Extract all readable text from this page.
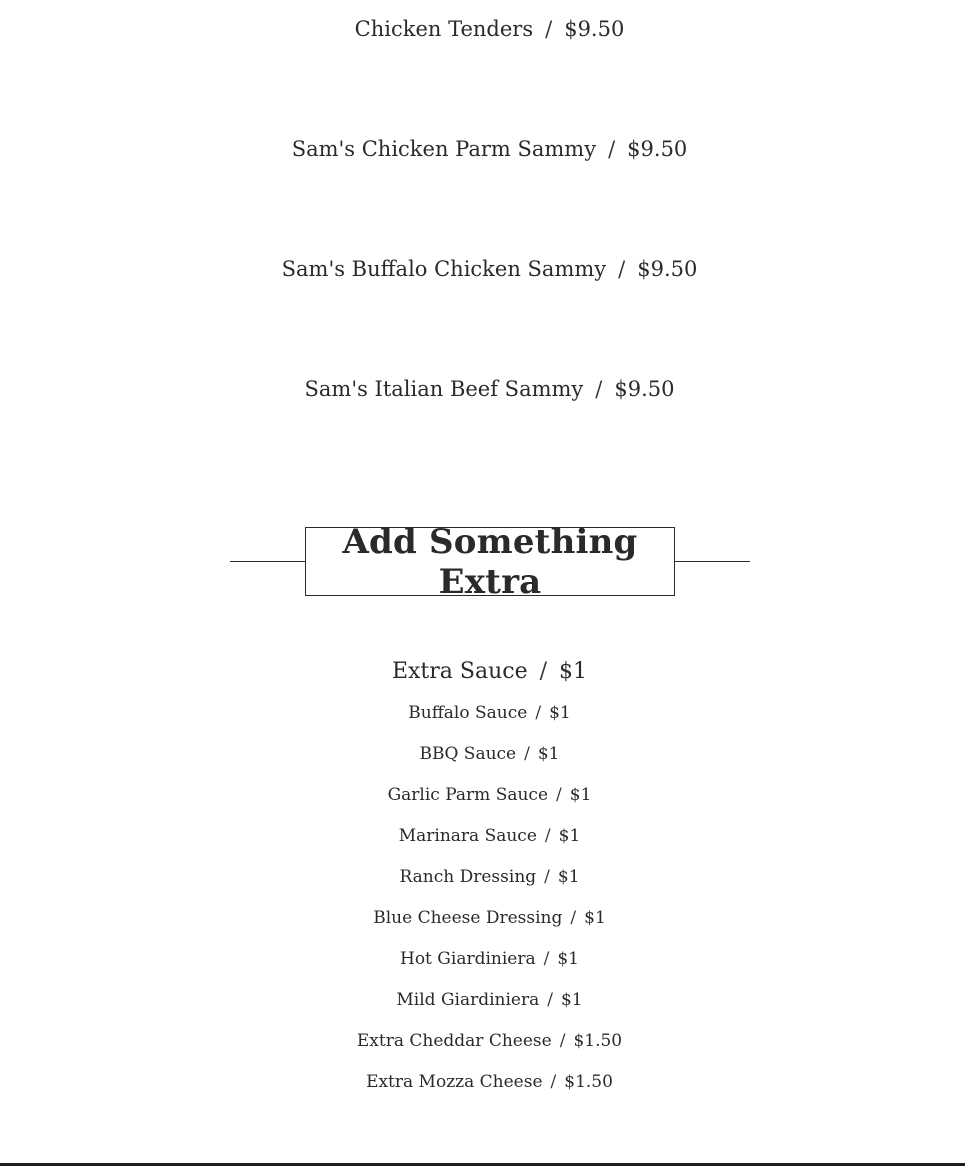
Chicken Tenders / $9.50
Sam's Chicken Parm Sammy / $9.50
Sam's Buffalo Chicken Sammy / $9.50
Sam's Italian Beef Sammy / $9.50
Add Something Extra
Extra Sauce / $1
Buffalo Sauce / $1
BBQ Sauce / $1
Garlic Parm Sauce / $1
Marinara Sauce / $1
Ranch Dressing / $1
Blue Cheese Dressing / $1
Hot Giardiniera / $1
Mild Giardiniera / $1
Extra Cheddar Cheese / $1.50
Extra Mozza Cheese / $1.50
